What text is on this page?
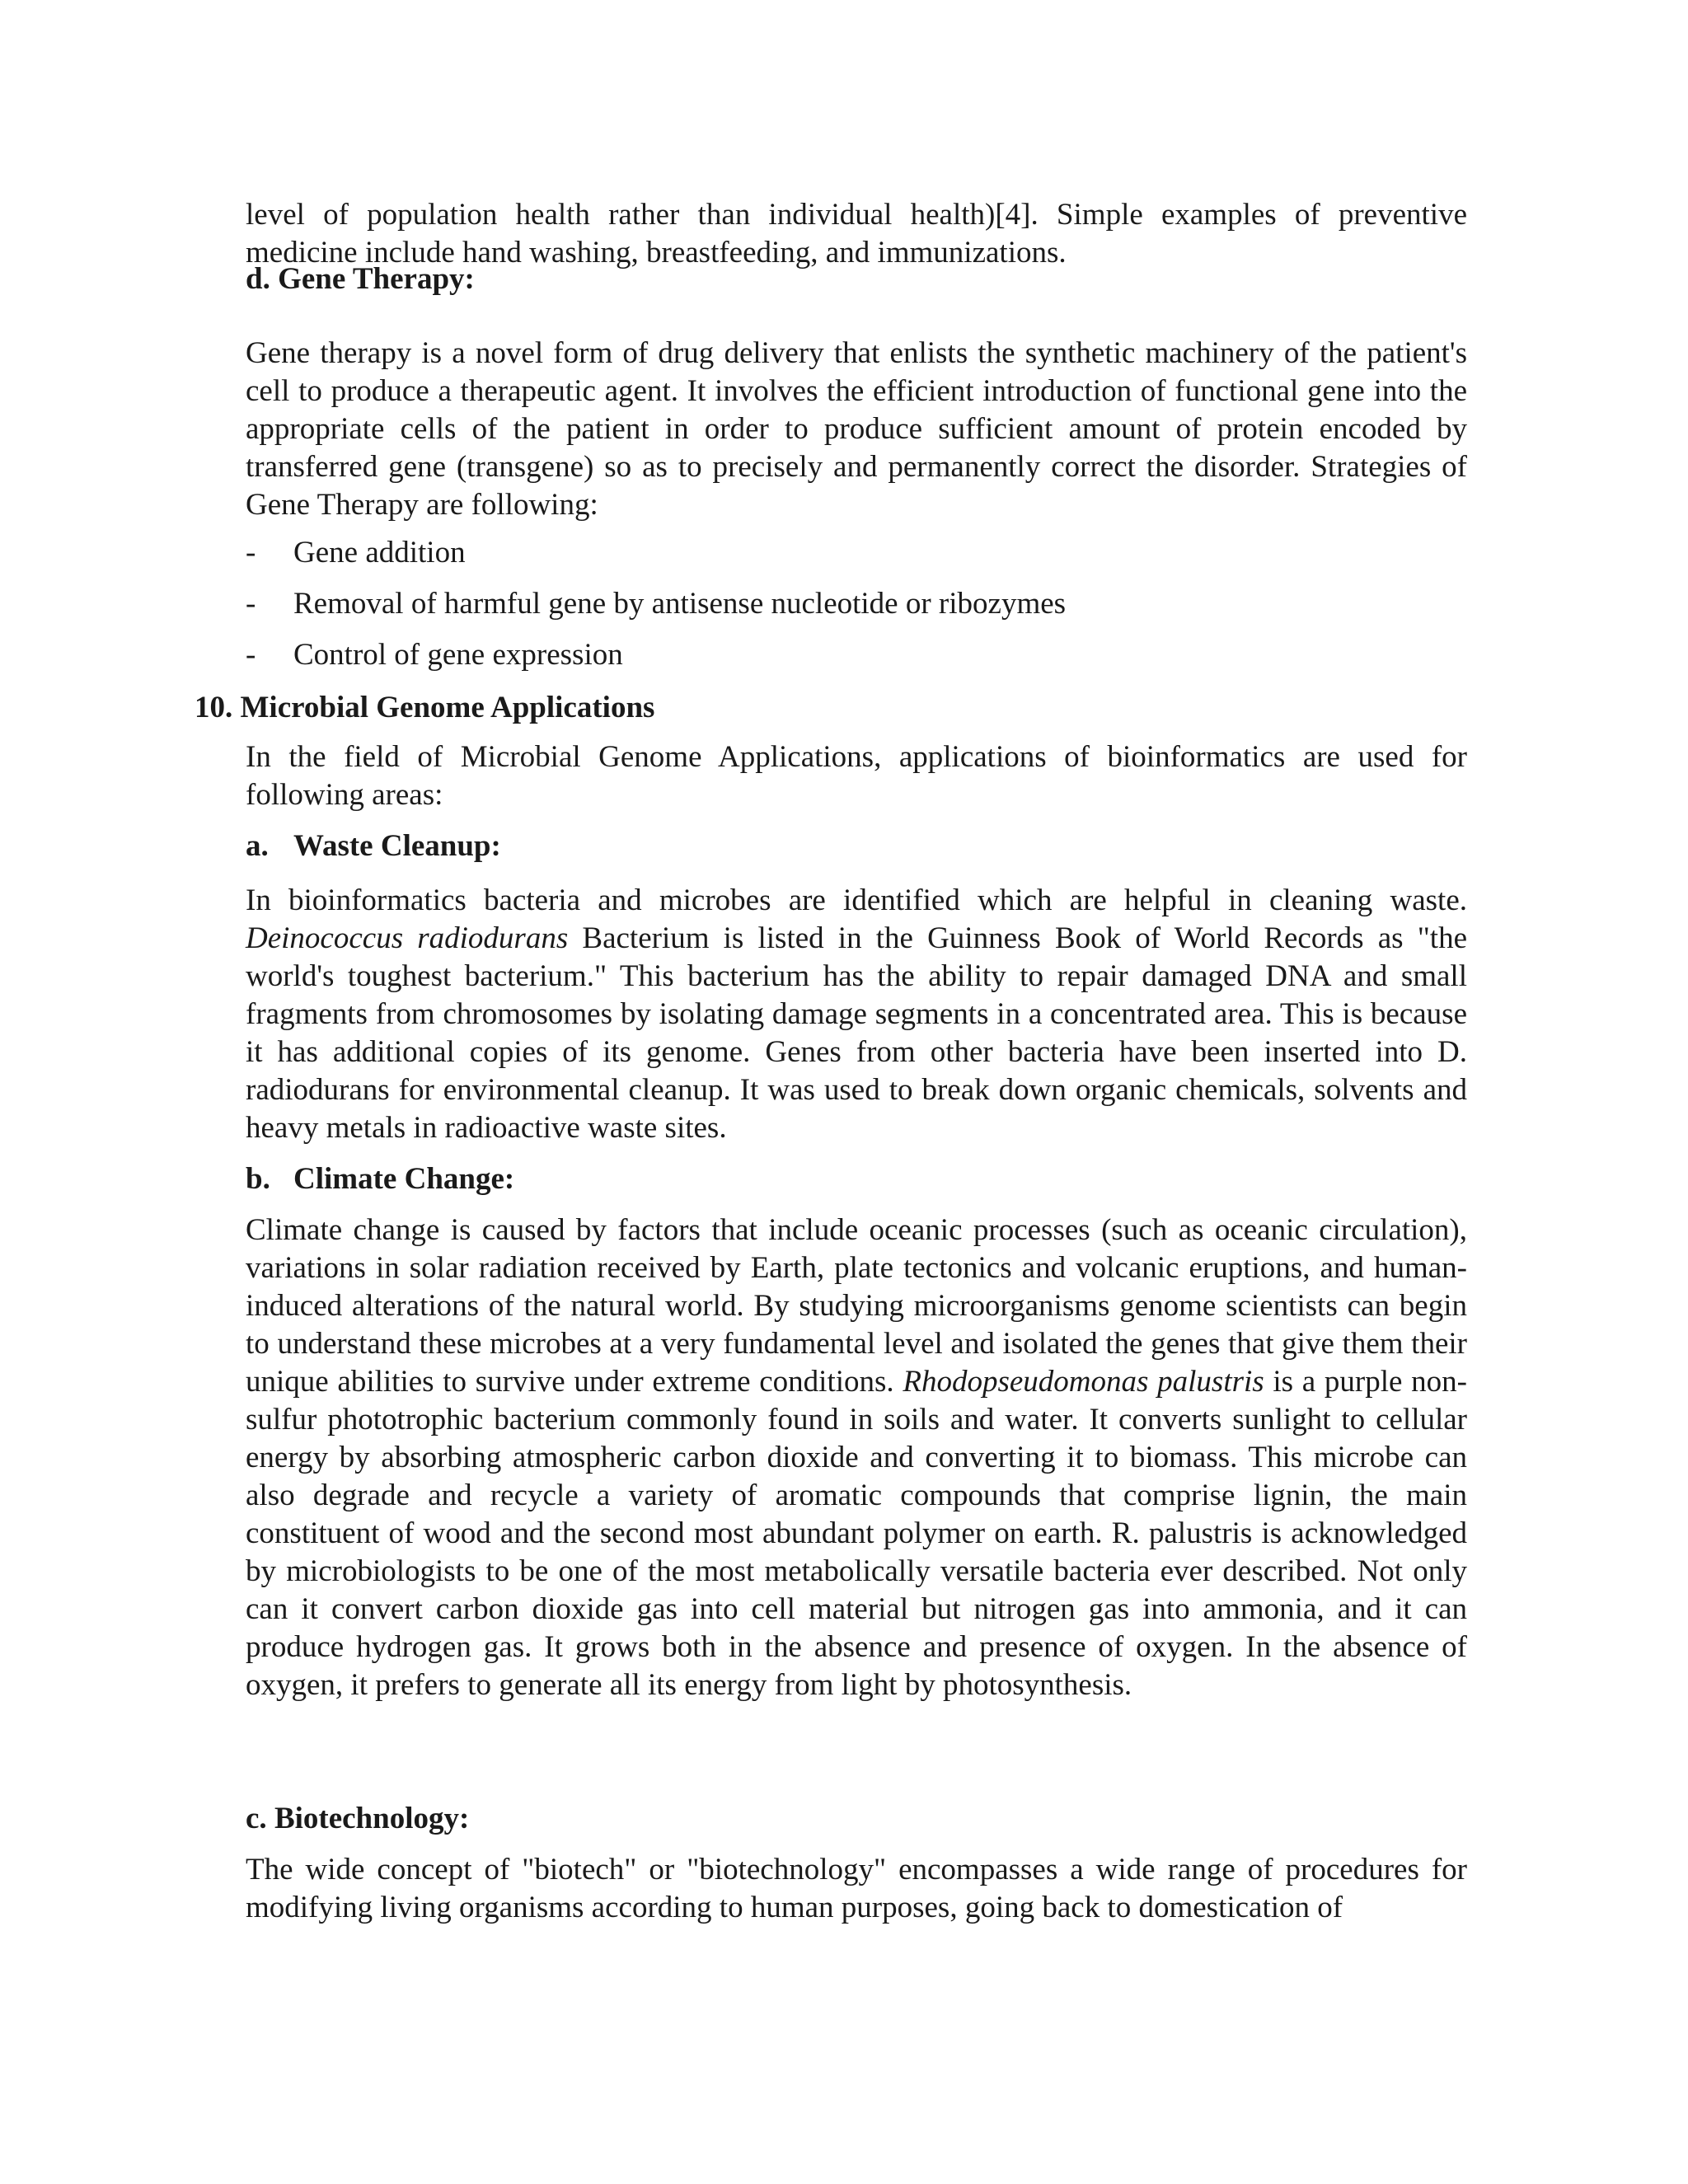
level of population health rather than individual health)[4]. Simple examples of preventive medicine include hand washing, breastfeeding, and immunizations.

d. Gene Therapy:

Gene therapy is a novel form of drug delivery that enlists the synthetic machinery of the patient's cell to produce a therapeutic agent. It involves the efficient introduction of functional gene into the appropriate cells of the patient in order to produce sufficient amount of protein encoded by transferred gene (transgene) so as to precisely and permanently correct the disorder. Strategies of Gene Therapy are following:

- Gene addition

- Removal of harmful gene by antisense nucleotide or ribozymes

- Control of gene expression

10. Microbial Genome Applications

In the field of Microbial Genome Applications, applications of bioinformatics are used for following areas:

a. Waste Cleanup:

In bioinformatics bacteria and microbes are identified which are helpful in cleaning waste. Deinococcus radiodurans Bacterium is listed in the Guinness Book of World Records as "the world's toughest bacterium." This bacterium has the ability to repair damaged DNA and small fragments from chromosomes by isolating damage segments in a concentrated area. This is because it has additional copies of its genome. Genes from other bacteria have been inserted into D. radiodurans for environmental cleanup. It was used to break down organic chemicals, solvents and heavy metals in radioactive waste sites.

b. Climate Change:

Climate change is caused by factors that include oceanic processes (such as oceanic circulation), variations in solar radiation received by Earth, plate tectonics and volcanic eruptions, and human-induced alterations of the natural world. By studying microorganisms genome scientists can begin to understand these microbes at a very fundamental level and isolated the genes that give them their unique abilities to survive under extreme conditions. Rhodopseudomonas palustris is a purple non-sulfur phototrophic bacterium commonly found in soils and water. It converts sunlight to cellular energy by absorbing atmospheric carbon dioxide and converting it to biomass. This microbe can also degrade and recycle a variety of aromatic compounds that comprise lignin, the main constituent of wood and the second most abundant polymer on earth. R. palustris is acknowledged by microbiologists to be one of the most metabolically versatile bacteria ever described. Not only can it convert carbon dioxide gas into cell material but nitrogen gas into ammonia, and it can produce hydrogen gas. It grows both in the absence and presence of oxygen. In the absence of oxygen, it prefers to generate all its energy from light by photosynthesis.

c. Biotechnology:

The wide concept of "biotech" or "biotechnology" encompasses a wide range of procedures for modifying living organisms according to human purposes, going back to domestication of
